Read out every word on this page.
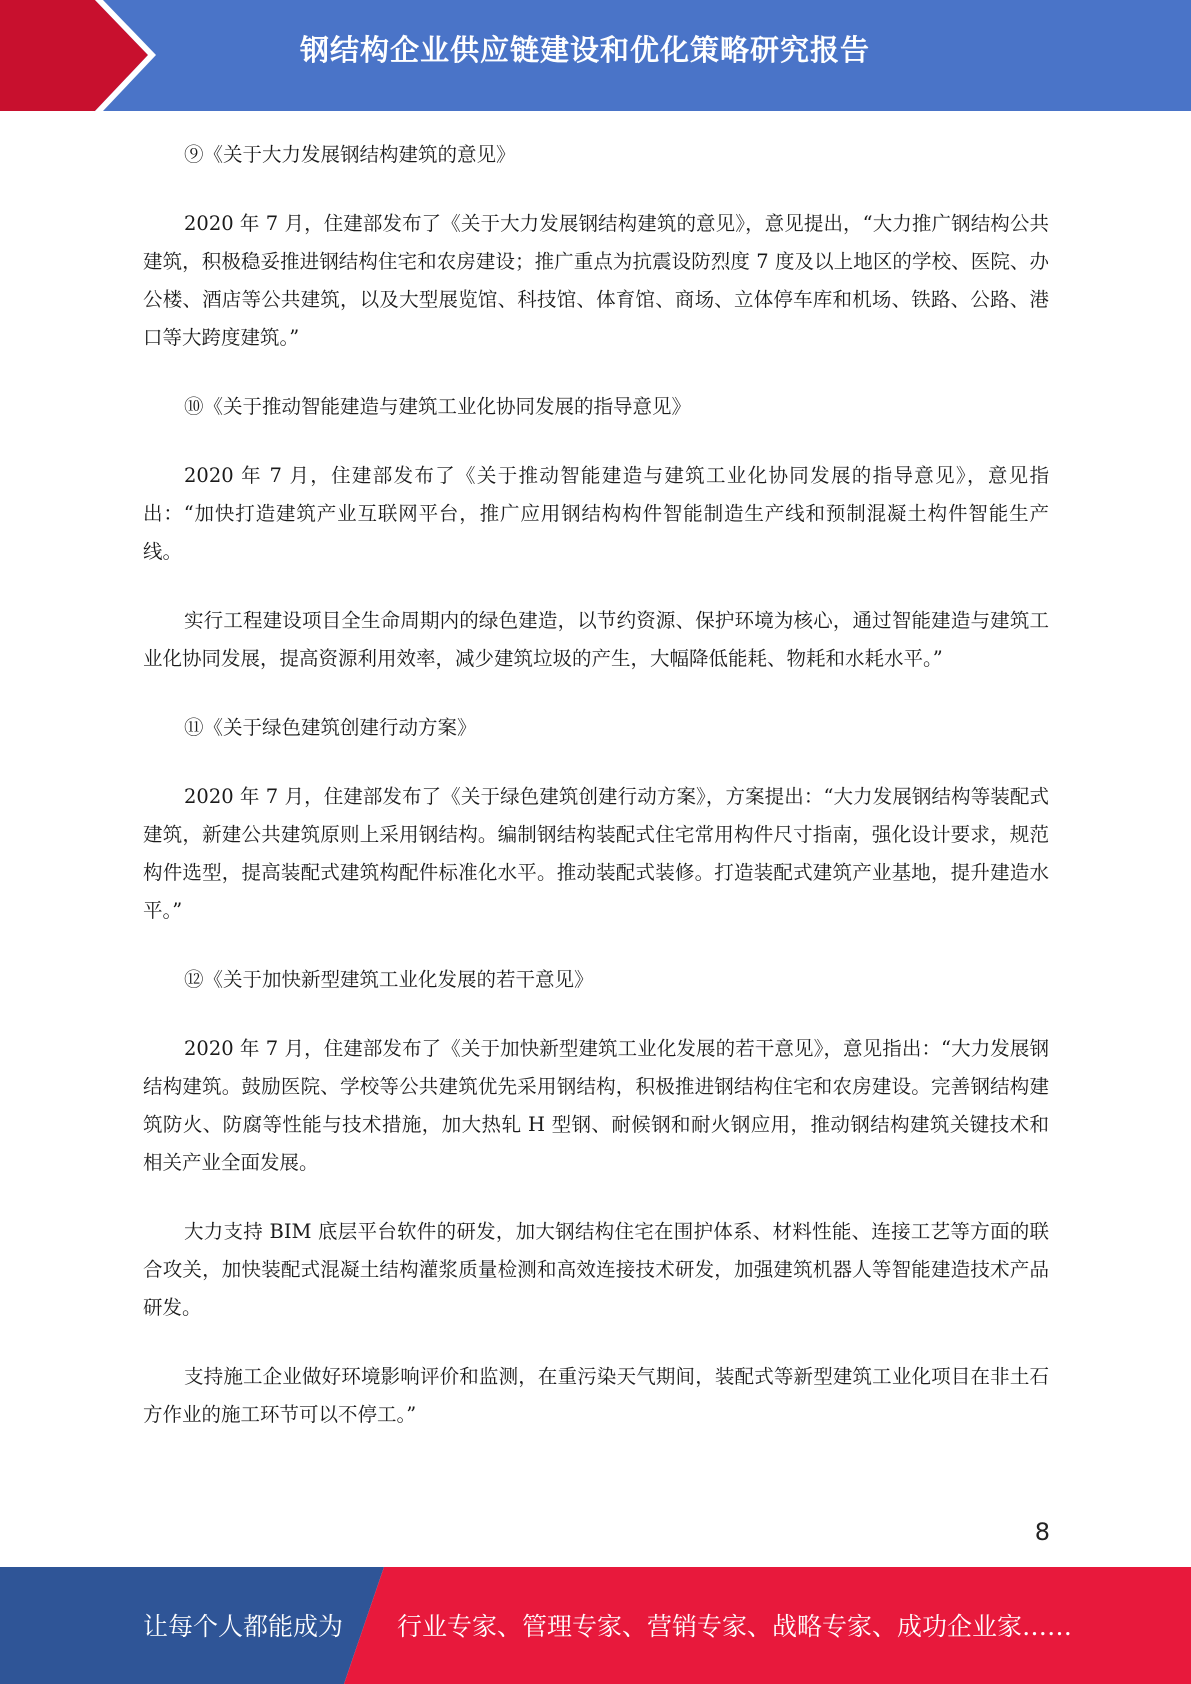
钢结构企业供应链建设和优化策略研究报告
⑨《关于大力发展钢结构建筑的意见》
2020 年 7 月，住建部发布了《关于大力发展钢结构建筑的意见》，意见提出，“大力推广钢结构公共建筑，积极稳妥推进钢结构住宅和农房建设；推广重点为抗震设防烈度 7 度及以上地区的学校、医院、办公楼、酒店等公共建筑，以及大型展览馆、科技馆、体育馆、商场、立体停车库和机场、铁路、公路、港口等大跨度建筑。”
⑩《关于推动智能建造与建筑工业化协同发展的指导意见》
2020 年 7 月，住建部发布了《关于推动智能建造与建筑工业化协同发展的指导意见》，意见指出：“加快打造建筑产业互联网平台，推广应用钢结构构件智能制造生产线和预制混凝土构件智能生产线。
实行工程建设项目全生命周期内的绿色建造，以节约资源、保护环境为核心，通过智能建造与建筑工业化协同发展，提高资源利用效率，减少建筑垃圾的产生，大幅降低能耗、物耗和水耗水平。”
⑪《关于绿色建筑创建行动方案》
2020 年 7 月，住建部发布了《关于绿色建筑创建行动方案》，方案提出：“大力发展钢结构等装配式建筑，新建公共建筑原则上采用钢结构。编制钢结构装配式住宅常用构件尺寸指南，强化设计要求，规范构件选型，提高装配式建筑构配件标准化水平。推动装配式装修。打造装配式建筑产业基地，提升建造水平。”
⑫《关于加快新型建筑工业化发展的若干意见》
2020 年 7 月，住建部发布了《关于加快新型建筑工业化发展的若干意见》，意见指出：“大力发展钢结构建筑。鼓励医院、学校等公共建筑优先采用钢结构，积极推进钢结构住宅和农房建设。完善钢结构建筑防火、防腐等性能与技术措施，加大热轧 H 型钢、耐候钢和耐火钢应用，推动钢结构建筑关键技术和相关产业全面发展。
大力支持 BIM 底层平台软件的研发，加大钢结构住宅在围护体系、材料性能、连接工艺等方面的联合攻关，加快装配式混凝土结构灌浆质量检测和高效连接技术研发，加强建筑机器人等智能建造技术产品研发。
支持施工企业做好环境影响评价和监测，在重污染天气期间，装配式等新型建筑工业化项目在非土石方作业的施工环节可以不停工。”
8
让每个人都能成为 行业专家、管理专家、营销专家、战略专家、成功企业家……
